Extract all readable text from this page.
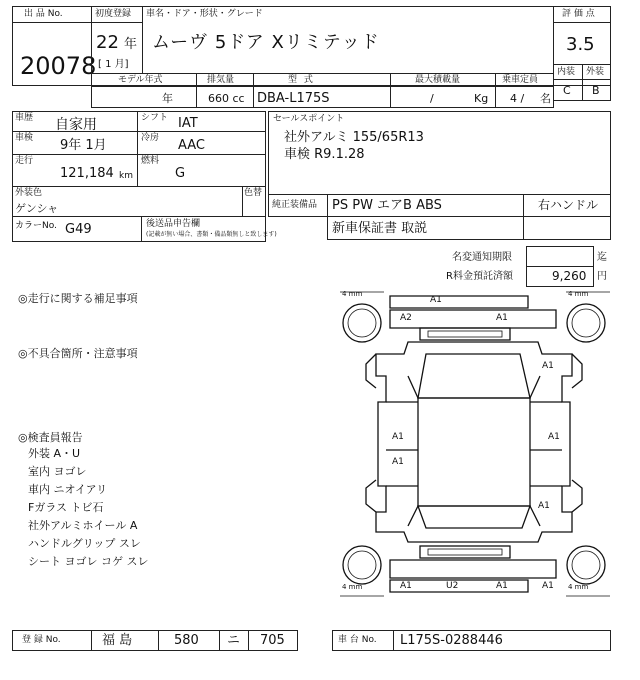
出 品 No.
20078
初度登録 車名・ドア・形状・グレード
22 年
[ 1 月]
ムーヴ 5ドア Xリミテッド
評 価 点
3.5
内装 外装
C B
モデル年式	排気量	型 式	最大積載量	乗車定員
年	660 cc DBA-L175S	/	Kg 4 / 名
車歴 自家用	シフト IAT
車検 9年 1月	冷房 AAC
走行
121,184 km
燃料
G
外装色
ゲンシャ
色替
カラーNo. G49	後送品申告欄
(記載が無い場合、書類・備品類無しと致します)
セールスポイント
社外アルミ 155/65R13
車検 R9.1.28
純正装備品 PS PW エアB ABS	右ハンドル
新車保証書 取説
名変通知期限	迄
R料金預託済額	9,260 円
◎走行に関する補足事項
◎不具合箇所・注意事項
◎検査員報告
外装 A・U
室内 ヨゴレ
車内 ニオイアリ
Fガラス トビ石
社外アルミホイール A
ハンドルグリップ スレ
シート ヨゴレ コゲ スレ
4 mm	4 mm
4 mm	4 mm
A1
A2	A1
A1
A1	A1
A1
A1
A1	A1
U2	A1
登 録 No.	福 島	580 ニ 705	車 台 No. L175S-0288446
